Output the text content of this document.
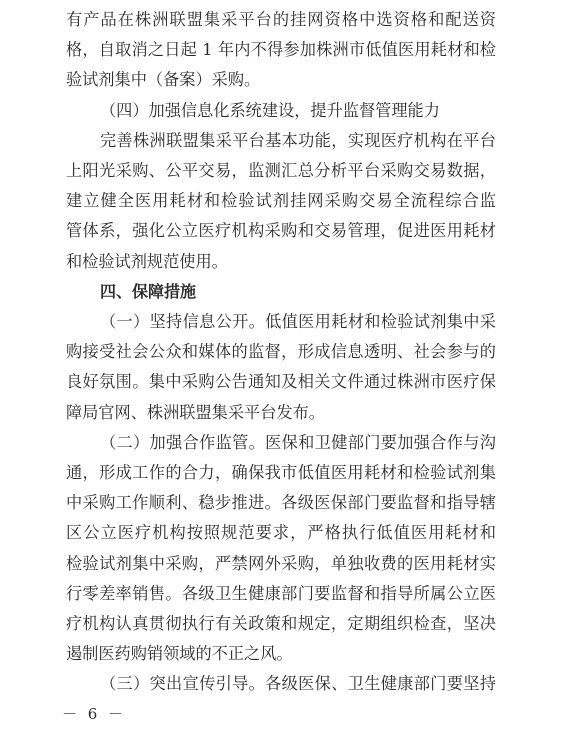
有产品在株洲联盟集采平台的挂网资格中选资格和配送资
格，自取消之日起 1 年内不得参加株洲市低值医用耗材和检
验试剂集中（备案）采购。
（四）加强信息化系统建设，提升监督管理能力
完善株洲联盟集采平台基本功能，实现医疗机构在平台
上阳光采购、公平交易，监测汇总分析平台采购交易数据，
建立健全医用耗材和检验试剂挂网采购交易全流程综合监
管体系，强化公立医疗机构采购和交易管理，促进医用耗材
和检验试剂规范使用。
四、保障措施
（一）坚持信息公开。低值医用耗材和检验试剂集中采
购接受社会公众和媒体的监督，形成信息透明、社会参与的
良好氛围。集中采购公告通知及相关文件通过株洲市医疗保
障局官网、株洲联盟集采平台发布。
（二）加强合作监管。医保和卫健部门要加强合作与沟
通，形成工作的合力，确保我市低值医用耗材和检验试剂集
中采购工作顺利、稳步推进。各级医保部门要监督和指导辖
区公立医疗机构按照规范要求，严格执行低值医用耗材和
检验试剂集中采购，严禁网外采购，单独收费的医用耗材实
行零差率销售。各级卫生健康部门要监督和指导所属公立医
疗机构认真贯彻执行有关政策和规定，定期组织检查，坚决
遏制医药购销领域的不正之风。
（三）突出宣传引导。各级医保、卫生健康部门要坚持
－ 6 －
